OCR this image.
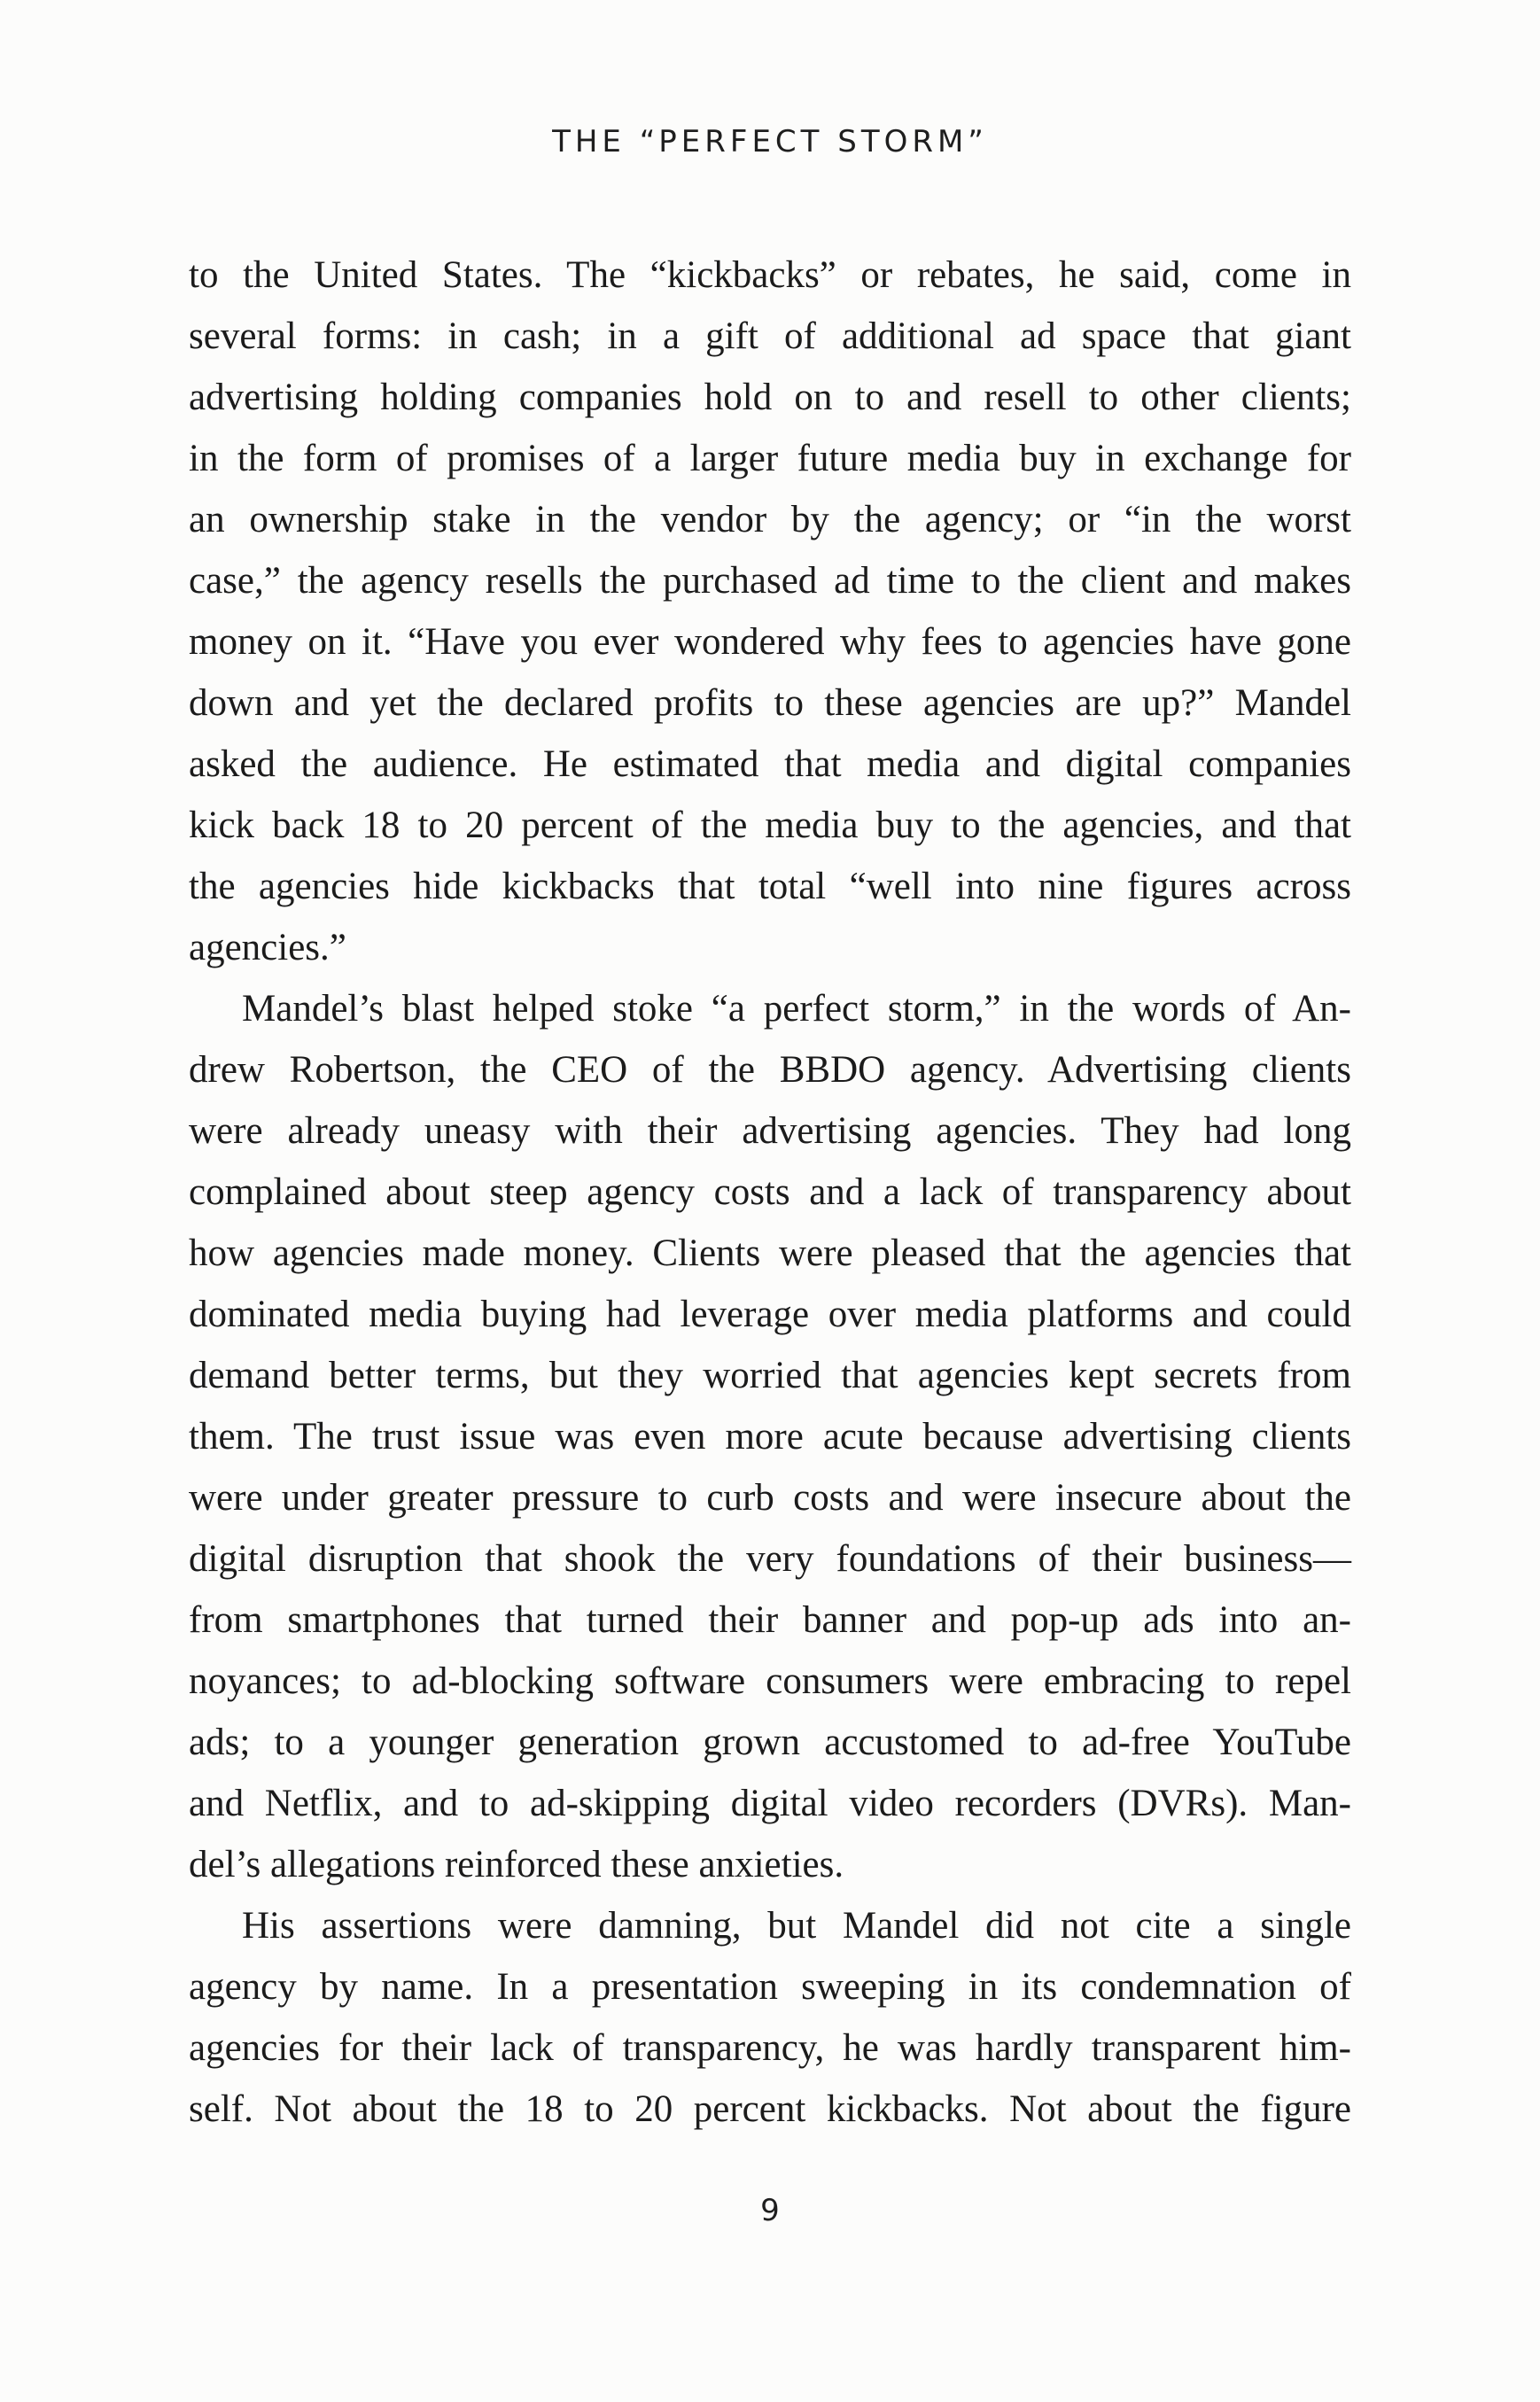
THE “PERFECT STORM”

to the United States. The “kickbacks” or rebates, he said, come in
several forms: in cash; in a gift of additional ad space that giant
advertising holding companies hold on to and resell to other clients;
in the form of promises of a larger future media buy in exchange for
an ownership stake in the vendor by the agency; or “in the worst
case,” the agency resells the purchased ad time to the client and makes
money on it. “Have you ever wondered why fees to agencies have gone
down and yet the declared profits to these agencies are up?” Mandel
asked the audience. He estimated that media and digital companies
kick back 18 to 20 percent of the media buy to the agencies, and that
the agencies hide kickbacks that total “well into nine figures across
agencies.”

Mandel’s blast helped stoke “a perfect storm,” in the words of An-
drew Robertson, the CEO of the BBDO agency. Advertising clients
were already uneasy with their advertising agencies. They had long
complained about steep agency costs and a lack of transparency about
how agencies made money. Clients were pleased that the agencies that
dominated media buying had leverage over media platforms and could
demand better terms, but they worried that agencies kept secrets from
them. The trust issue was even more acute because advertising clients
were under greater pressure to curb costs and were insecure about the
digital disruption that shook the very foundations of their business—
from smartphones that turned their banner and pop-up ads into an-
noyances; to ad-blocking software consumers were embracing to repel
ads; to a younger generation grown accustomed to ad-free YouTube
and Netflix, and to ad-skipping digital video recorders (DVRs). Man-
del’s allegations reinforced these anxieties.

His assertions were damning, but Mandel did not cite a single
agency by name. In a presentation sweeping in its condemnation of
agencies for their lack of transparency, he was hardly transparent him-
self. Not about the 18 to 20 percent kickbacks. Not about the figure

9
